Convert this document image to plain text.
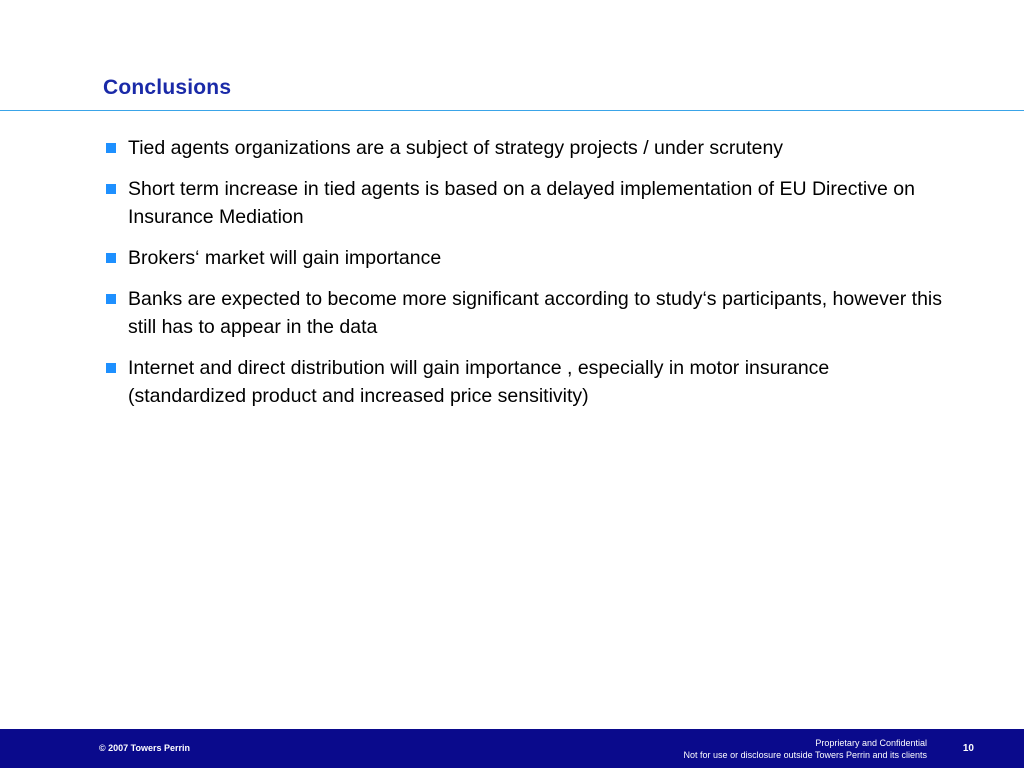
Conclusions
Tied agents organizations are a subject of strategy projects / under scruteny
Short term increase in tied agents is based on a delayed implementation of EU Directive on Insurance Mediation
Brokers‘ market will gain importance
Banks are expected to become more significant according to study‘s participants, however this still has to appear in the data
Internet and direct distribution will gain importance , especially in motor insurance (standardized product and increased price sensitivity)
© 2007 Towers Perrin	Proprietary and Confidential
Not for use or disclosure outside Towers Perrin and its clients
10
